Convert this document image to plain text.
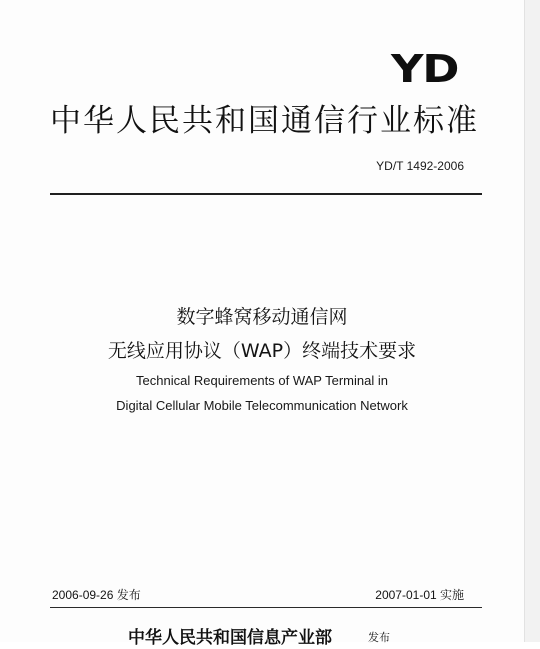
YD
中华人民共和国通信行业标准
YD/T 1492-2006
数字蜂窝移动通信网
无线应用协议（WAP）终端技术要求
Technical Requirements of WAP Terminal in
Digital Cellular Mobile Telecommunication Network
2006-09-26 发布	2007-01-01 实施
中华人民共和国信息产业部	发布
